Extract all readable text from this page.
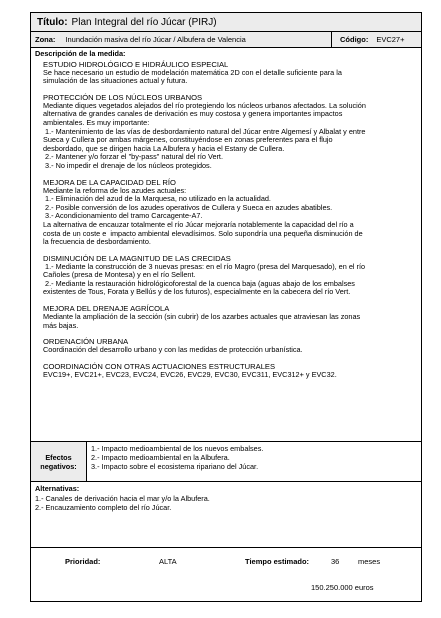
Título: Plan Integral del río Júcar (PIRJ)
Zona: Inundación masiva del río Júcar / Albufera de Valencia	Código: EVC27+
Descripción de la medida:
ESTUDIO HIDROLÓGICO E HIDRÁULICO ESPECIAL
Se hace necesario un estudio de modelación matemática 2D con el detalle suficiente para la
simulación de las situaciones actual y futura.
PROTECCIÓN DE LOS NÚCLEOS URBANOS
Mediante diques vegetados alejados del río protegiendo los núcleos urbanos afectados. La solución
alternativa de grandes canales de derivación es muy costosa y genera importantes impactos
ambientales. Es muy importante:
1.- Mantenimiento de las vías de desbordamiento natural del Júcar entre Algemesí y Albalat y entre
Sueca y Cullera por ambas márgenes, constituyéndose en zonas preferentes para el flujo
desbordado, que se dirigen hacia La Albufera y hacia el Estany de Cullera.
2.- Mantener y/o forzar el "by-pass" natural del río Vert.
3.- No impedir el drenaje de los núcleos protegidos.
MEJORA DE LA CAPACIDAD DEL RÍO
Mediante la reforma de los azudes actuales:
1.- Eliminación del azud de la Marquesa, no utilizado en la actualidad.
2.- Posible conversión de los azudes operativos de Cullera y Sueca en azudes abatibles.
3.- Acondicionamiento del tramo Carcagente-A7.
La alternativa de encauzar totalmente el río Júcar mejoraría notablemente la capacidad del río a
costa de un coste e  impacto ambiental elevadísimos. Solo supondría una pequeña disminución de
la frecuencia de desbordamiento.
DISMINUCIÓN DE LA MAGNITUD DE LAS CRECIDAS
1.- Mediante la construcción de 3 nuevas presas: en el río Magro (presa del Marquesado), en el río
Cañoles (presa de Montesa) y en el río Sellent.
2.- Mediante la restauración hidrológicoforestal de la cuenca baja (aguas abajo de los embalses
existentes de Tous, Forata y Bellús y de los futuros), especialmente en la cabecera del río Vert.
MEJORA DEL DRENAJE AGRÍCOLA
Mediante la ampliación de la sección (sin cubrir) de los azarbes actuales que atraviesan las zonas
más bajas.
ORDENACIÓN URBANA
Coordinación del desarrollo urbano y con las medidas de protección urbanística.
COORDINACIÓN CON OTRAS ACTUACIONES ESTRUCTURALES
EVC19+, EVC21+, EVC23, EVC24, EVC26, EVC29, EVC30, EVC311, EVC312+ y EVC32.
Efectos
negativos:
1.- Impacto medioambiental de los nuevos embalses.
2.- Impacto medioambiental en la Albufera.
3.- Impacto sobre el ecosistema ripariano del Júcar.
Alternativas:
1.- Canales de derivación hacia el mar y/o la Albufera.
2.- Encauzamiento completo del río Júcar.
Prioridad:	ALTA	Tiempo estimado:	36 meses
150.250.000 euros
